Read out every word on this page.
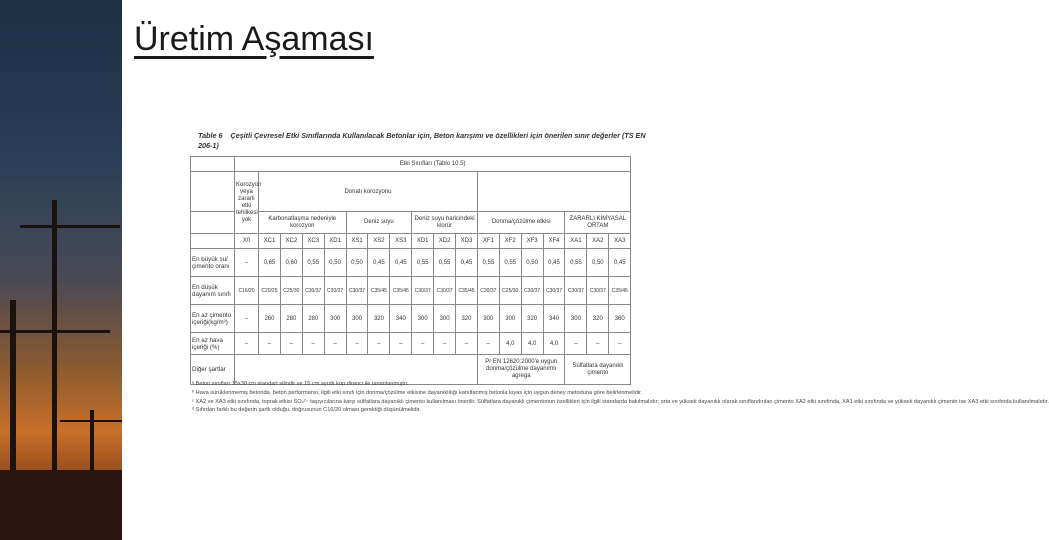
Üretim Aşaması
Table 6 Çeşitli Çevresel Etki Sınıflarında Kullanılacak Betonlar için, Beton karışımı ve özellikleri için önerilen sınır değerler (TS EN 206-1)
	Etki Sınıfları (Tablo 10.5)																	
	Korozyon veya zararlı etki tehlikesi yok	Donatı korozyonu																
		Karbonatlaşma nedeniyle korozyon				Deniz suyu			Deniz suyu haricindeki klorür			Donma/çözülme etkisi				ZARARLI KİMYASAL ORTAM		
	X0	XC1	XC2	XC3	XD1	XS1	XS2	XS3	XD1	XD2	XD3	XF1	XF2	XF3	XF4	XA1	XA2	XA3
En büyük su/çimento oranı	–	0,65	0,60	0,55	0,50	0,50	0,45	0,45	0,55	0,55	0,45	0,55	0,55	0,50	0,45	0,55	0,50	0,45
En düşük dayanım sınıfı	C16/20	C20/25	C25/30	C30/37	C30/37	C30/37	C35/45	C35/45	C30/37	C30/37	C35/45	C30/37	C25/30	C30/37	C30/37	C30/37	C30/37	C35/45
En az çimento içeriği(kg/m³)	–	260	280	280	300	300	320	340	300	300	320	300	300	320	340	300	320	360
En az hava içeriği (%)	–	–	–	–	–	–	–	–	–	–	–	–	4,0	4,0	4,0	–	–	–
Diğer şartlar												Pr EN 12620:2000'e uygun donma/çözülme dayanımlı agrega				Sülfatlara dayanıklı çimento		
ᵃ Beton sınıfları 15x30 cm standart silindir ve 15 cm ayrıtlı küp direnci ile tanımlanmıştır.
ᵇ Hava sürüklenmemiş betonda, beton performansı, ilgili etki sınıfı için donma/çözülme etkisine dayanıklılığı kanıtlanmış betonla kıyas için uygun deney metoduna göre belirlenmelidir.
ᶜ XA2 ve XA3 etki sınıfında, toprak etkisi SO₄²⁻ taşıyıcılarına karşı sülfatlara dayanıklı çimento kullanılması önerilir. Sülfatlara dayanıklı çimentonun özellikleri için ilgili standarda bakılmalıdır; orta ve yüksek dayanıklı olarak sınıflandırılan çimento XA2 etki sınıfında, XA1 etki sınıfında ve yüksek dayanıklı çimento ise XA3 etki sınıfında kullanılmalıdır.
ᵈ Sıfırdan farklı bu değerin şartlı olduğu, doğrusunun C16/20 olması gerektiği düşünülmelidir.
